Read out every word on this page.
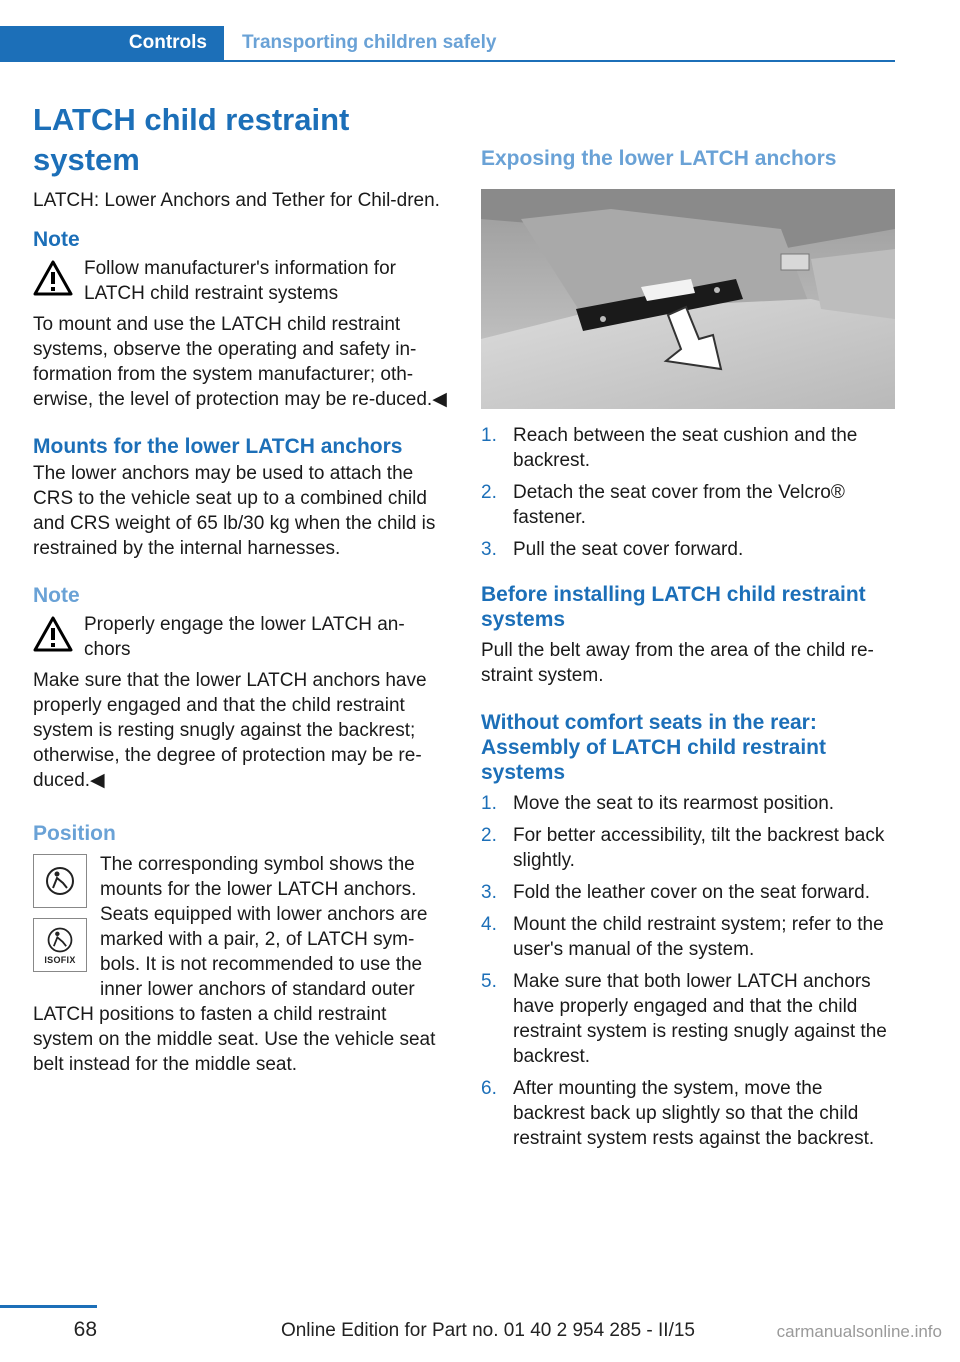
Controls	Transporting children safely
LATCH child restraint system

LATCH: Lower Anchors and Tether for Chil‐dren.

Note

Follow manufacturer's information for LATCH child restraint systems

To mount and use the LATCH child restraint systems, observe the operating and safety in‐formation from the system manufacturer; oth‐erwise, the level of protection may be re‐duced.◀

Mounts for the lower LATCH anchors

The lower anchors may be used to attach the CRS to the vehicle seat up to a combined child and CRS weight of 65 lb/30 kg when the child is restrained by the internal harnesses.

Note

Properly engage the lower LATCH an‐chors

Make sure that the lower LATCH anchors have properly engaged and that the child restraint system is resting snugly against the backrest; otherwise, the degree of protection may be re‐duced.◀

Position
ISOFIX

The corresponding symbol shows the mounts for the lower LATCH anchors. Seats equipped with lower anchors are marked with a pair, 2, of LATCH sym‐bols. It is not recommended to use the inner lower anchors of standard outer

LATCH positions to fasten a child restraint system on the middle seat. Use the vehicle seat belt instead for the middle seat.

Exposing the lower LATCH anchors
1. Reach between the seat cushion and the backrest.
2. Detach the seat cover from the Velcro® fastener.
3. Pull the seat cover forward.
Before installing LATCH child restraint systems

Pull the belt away from the area of the child re‐straint system.

Without comfort seats in the rear: Assembly of LATCH child restraint systems
1. Move the seat to its rearmost position.
2. For better accessibility, tilt the backrest back slightly.
3. Fold the leather cover on the seat forward.
4. Mount the child restraint system; refer to the user's manual of the system.
5. Make sure that both lower LATCH anchors have properly engaged and that the child restraint system is resting snugly against the backrest.
6. After mounting the system, move the backrest back up slightly so that the child restraint system rests against the backrest.
68	Online Edition for Part no. 01 40 2 954 285 - II/15	carmanualsonline.info
